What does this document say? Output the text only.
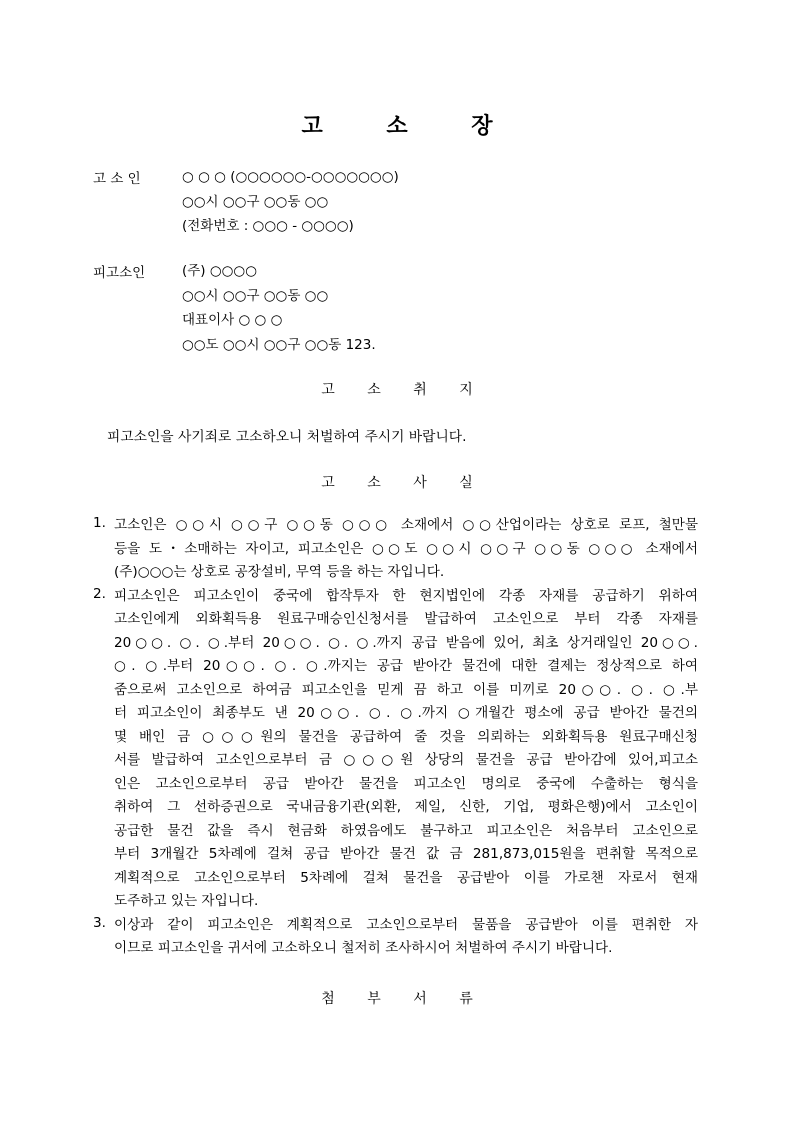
고 소 장
고 소 인	○ ○ ○ (○○○○○○-○○○○○○○)
○○시 ○○구 ○○동 ○○
(전화번호 : ○○○ - ○○○○)
피고소인	(주) ○○○○
○○시 ○○구 ○○동 ○○
대표이사 ○ ○ ○
○○도 ○○시 ○○구 ○○동 123.
고 소 취 지
피고소인을 사기죄로 고소하오니 처벌하여 주시기 바랍니다.
고 소 사 실
1. 고소인은 ○○시 ○○구 ○○동 ○○○ 소재에서 ○○산업이라는 상호로 로프, 철만물
등을 도・소매하는 자이고, 피고소인은 ○○도 ○○시 ○○구 ○○동 ○○○ 소재에서
(주)○○○는 상호로 공장설비, 무역 등을 하는 자입니다.
2. 피고소인은 피고소인이 중국에 합작투자 한 현지법인에 각종 자재를 공급하기 위하여
고소인에게 외화획득용 원료구매승인신청서를 발급하여 고소인으로 부터 각종 자재를
20○○. ○. ○.부터 20○○. ○. ○.까지 공급 받음에 있어, 최초 상거래일인 20○○.
○. ○.부터 20○○. ○. ○.까지는 공급 받아간 물건에 대한 결제는 정상적으로 하여
줌으로써 고소인으로 하여금 피고소인을 믿게 끔 하고 이를 미끼로 20○○. ○. ○.부
터 피고소인이 최종부도 낸 20○○. ○. ○.까지 ○개월간 평소에 공급 받아간 물건의
몇 배인 금 ○○○원의 물건을 공급하여 줄 것을 의뢰하는 외화획득용 원료구매신청
서를 발급하여 고소인으로부터 금 ○○○원 상당의 물건을 공급 받아감에 있어,피고소
인은 고소인으로부터 공급 받아간 물건을 피고소인 명의로 중국에 수출하는 형식을
취하여 그 선하증권으로 국내금융기관(외환, 제일, 신한, 기업, 평화은행)에서 고소인이
공급한 물건 값을 즉시 현금화 하였음에도 불구하고 피고소인은 처음부터 고소인으로
부터 3개월간 5차례에 걸쳐 공급 받아간 물건 값 금 281,873,015원을 편취할 목적으로
계획적으로 고소인으로부터 5차례에 걸쳐 물건을 공급받아 이를 가로챈 자로서 현재
도주하고 있는 자입니다.
3. 이상과 같이 피고소인은 계획적으로 고소인으로부터 물품을 공급받아 이를 편취한 자
이므로 피고소인을 귀서에 고소하오니 철저히 조사하시어 처벌하여 주시기 바랍니다.
첨 부 서 류
